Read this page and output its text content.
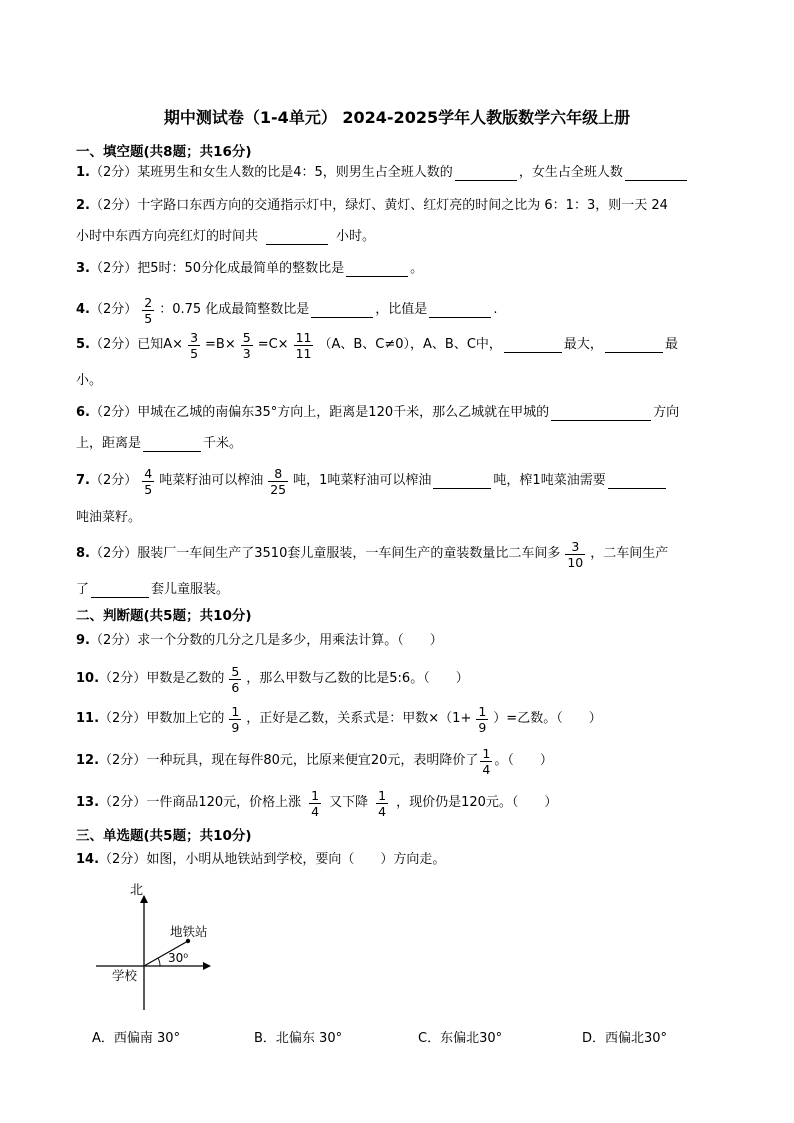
期中测试卷（1-4单元） 2024-2025学年人教版数学六年级上册
一、填空题(共8题；共16分)
1. （2分） 某班男生和女生人数的比是4：5，则男生占全班人数的	，女生占全班人数
2. （2分） 十字路口东西方向的交通指示灯中，绿灯、黄灯、红灯亮的时间之比为 6：1：3，则一天 24
小时中东西方向亮红灯的时间共	小时。
3. （2分） 把5时：50分化成最简单的整数比是	。
4. （2分） $\frac{2}{5}$ ：0.75 化成最简整数比是	，比值是	.
5. （2分） 已知$A\times \frac{3}{5} =B\times \frac{5}{3} =C\times \frac{11}{11} (A$、B、C≠0），A、B、C中，	最大，	最
小。
6. （2分） 甲城在乙城的南偏东35°方向上，距离是120千米，那么乙城就在甲城的	方向
上，距离是	千米。
7. （2分） $\frac{4}{5}$ 吨菜籽油可以榨油 $\frac{8}{25}$ 吨，1吨菜籽油可以榨油	吨，榨1吨菜油需要
吨油菜籽。
8. （2分） 服装厂一车间生产了3510套儿童服装，一车间生产的童装数量比二车间多 $\frac{3}{10}$ ，二车间生产
了	套儿童服装。
二、判断题(共5题；共10分)
9. （2分） 求一个分数的几分之几是多少，用乘法计算。（　　）
10. （2分） 甲数是乙数的 $\frac{5}{6}$ ，那么甲数与乙数的比是5:6。（　　）
11. （2分） 甲数加上它的 $\frac{1}{9}$ ，正好是乙数，关系式是：甲数$\times(1+ \frac{1}{9}$ ）=乙数。（　　）
12. （2分） 一种玩具，现在每件80元，比原来便宜20元，表明降价了 $\frac{1}{4}$ 。（　　）
13. （2分） 一件商品120元，价格上涨 $\frac{1}{4}$ 又下降 $\frac{1}{4}$ ，现价仍是120元。（　　）
三、单选题(共5题；共10分)
14. （2分） 如图，小明从地铁站到学校，要向（　　）方向走。
北
地铁站
学校
30⁰
A．西偏南 30°	B．北偏东 30°	C．东偏北30°	D．西偏北30°
